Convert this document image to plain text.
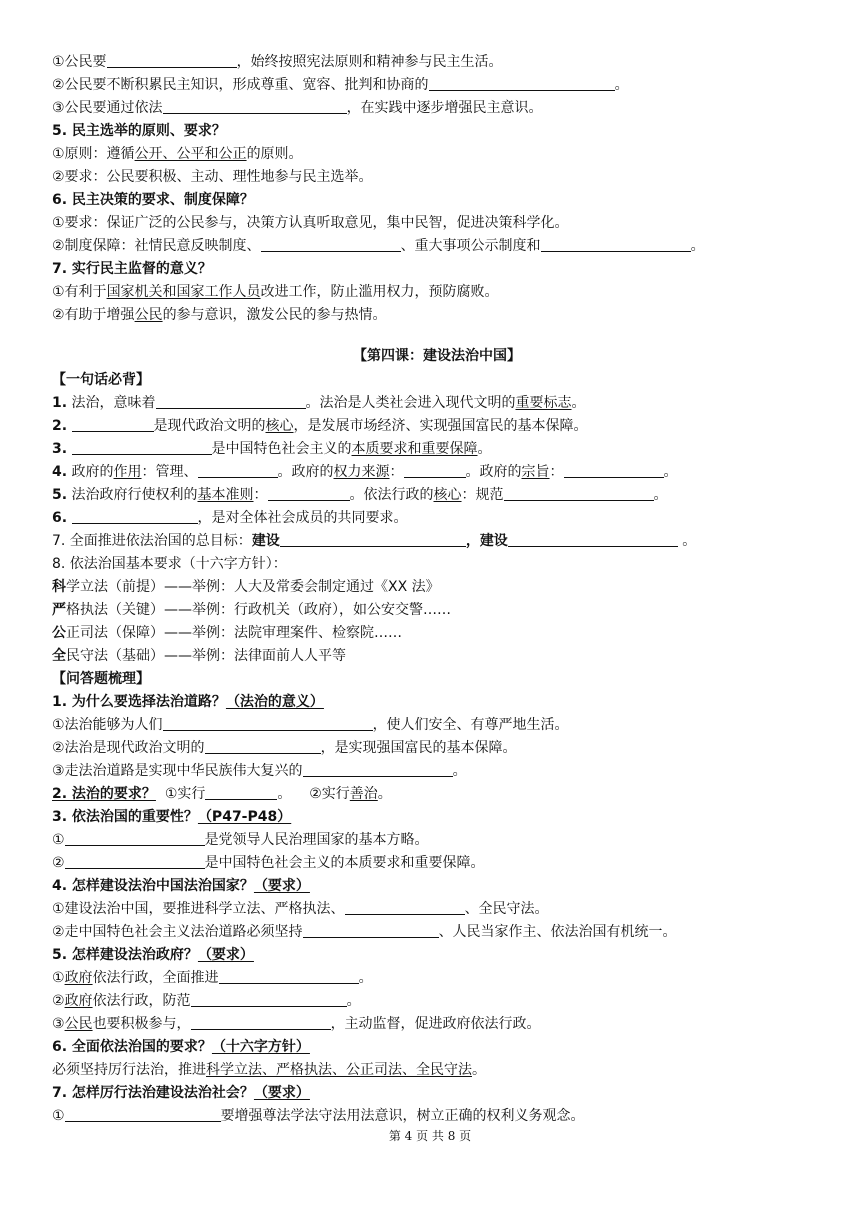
①公民要	，始终按照宪法原则和精神参与民主生活。
②公民要不断积累民主知识，形成尊重、宽容、批判和协商的	。
③公民要通过依法	，在实践中逐步增强民主意识。
5. 民主选举的原则、要求？
①原则：遵循公开、公平和公正的原则。
②要求：公民要积极、主动、理性地参与民主选举。
6. 民主决策的要求、制度保障？
①要求：保证广泛的公民参与，决策方认真听取意见，集中民智，促进决策科学化。
②制度保障：社情民意反映制度、	、重大事项公示制度和	。
7. 实行民主监督的意义？
①有利于国家机关和国家工作人员改进工作，防止滥用权力，预防腐败。
②有助于增强公民的参与意识，激发公民的参与热情。
【第四课：建设法治中国】
【一句话必背】
1. 法治，意味着	。法治是人类社会进入现代文明的重要标志。
2.	是现代政治文明的核心，是发展市场经济、实现强国富民的基本保障。
3.	是中国特色社会主义的本质要求和重要保障。
4. 政府的作用：管理、	。政府的权力来源：	。政府的宗旨：	。
5. 法治政府行使权利的基本准则：	。依法行政的核心：规范	。
6.	，是对全体社会成员的共同要求。
7. 全面推进依法治国的总目标：建设	，建设	。
8. 依法治国基本要求（十六字方针）：
科学立法（前提）——举例：人大及常委会制定通过《XX 法》
严格执法（关键）——举例：行政机关（政府），如公安交警……
公正司法（保障）——举例：法院审理案件、检察院……
全民守法（基础）——举例：法律面前人人平等
【问答题梳理】
1. 为什么要选择法治道路？（法治的意义）
①法治能够为人们	，使人们安全、有尊严地生活。
②法治是现代政治文明的	，是实现强国富民的基本保障。
③走法治道路是实现中华民族伟大复兴的	。
2. 法治的要求？ ①实行	。 ②实行善治。
3. 依法治国的重要性？（P47-P48）
①	是党领导人民治理国家的基本方略。
②	是中国特色社会主义的本质要求和重要保障。
4. 怎样建设法治中国法治国家？（要求）
①建设法治中国，要推进科学立法、严格执法、	、全民守法。
②走中国特色社会主义法治道路必须坚持	、人民当家作主、依法治国有机统一。
5. 怎样建设法治政府？（要求）
①政府依法行政，全面推进	。
②政府依法行政，防范	。
③公民也要积极参与，	，主动监督，促进政府依法行政。
6. 全面依法治国的要求？（十六字方针）
必须坚持厉行法治，推进科学立法、严格执法、公正司法、全民守法。
7. 怎样厉行法治建设法治社会？（要求）
①	要增强尊法学法守法用法意识，树立正确的权利义务观念。
第 4 页 共 8 页
